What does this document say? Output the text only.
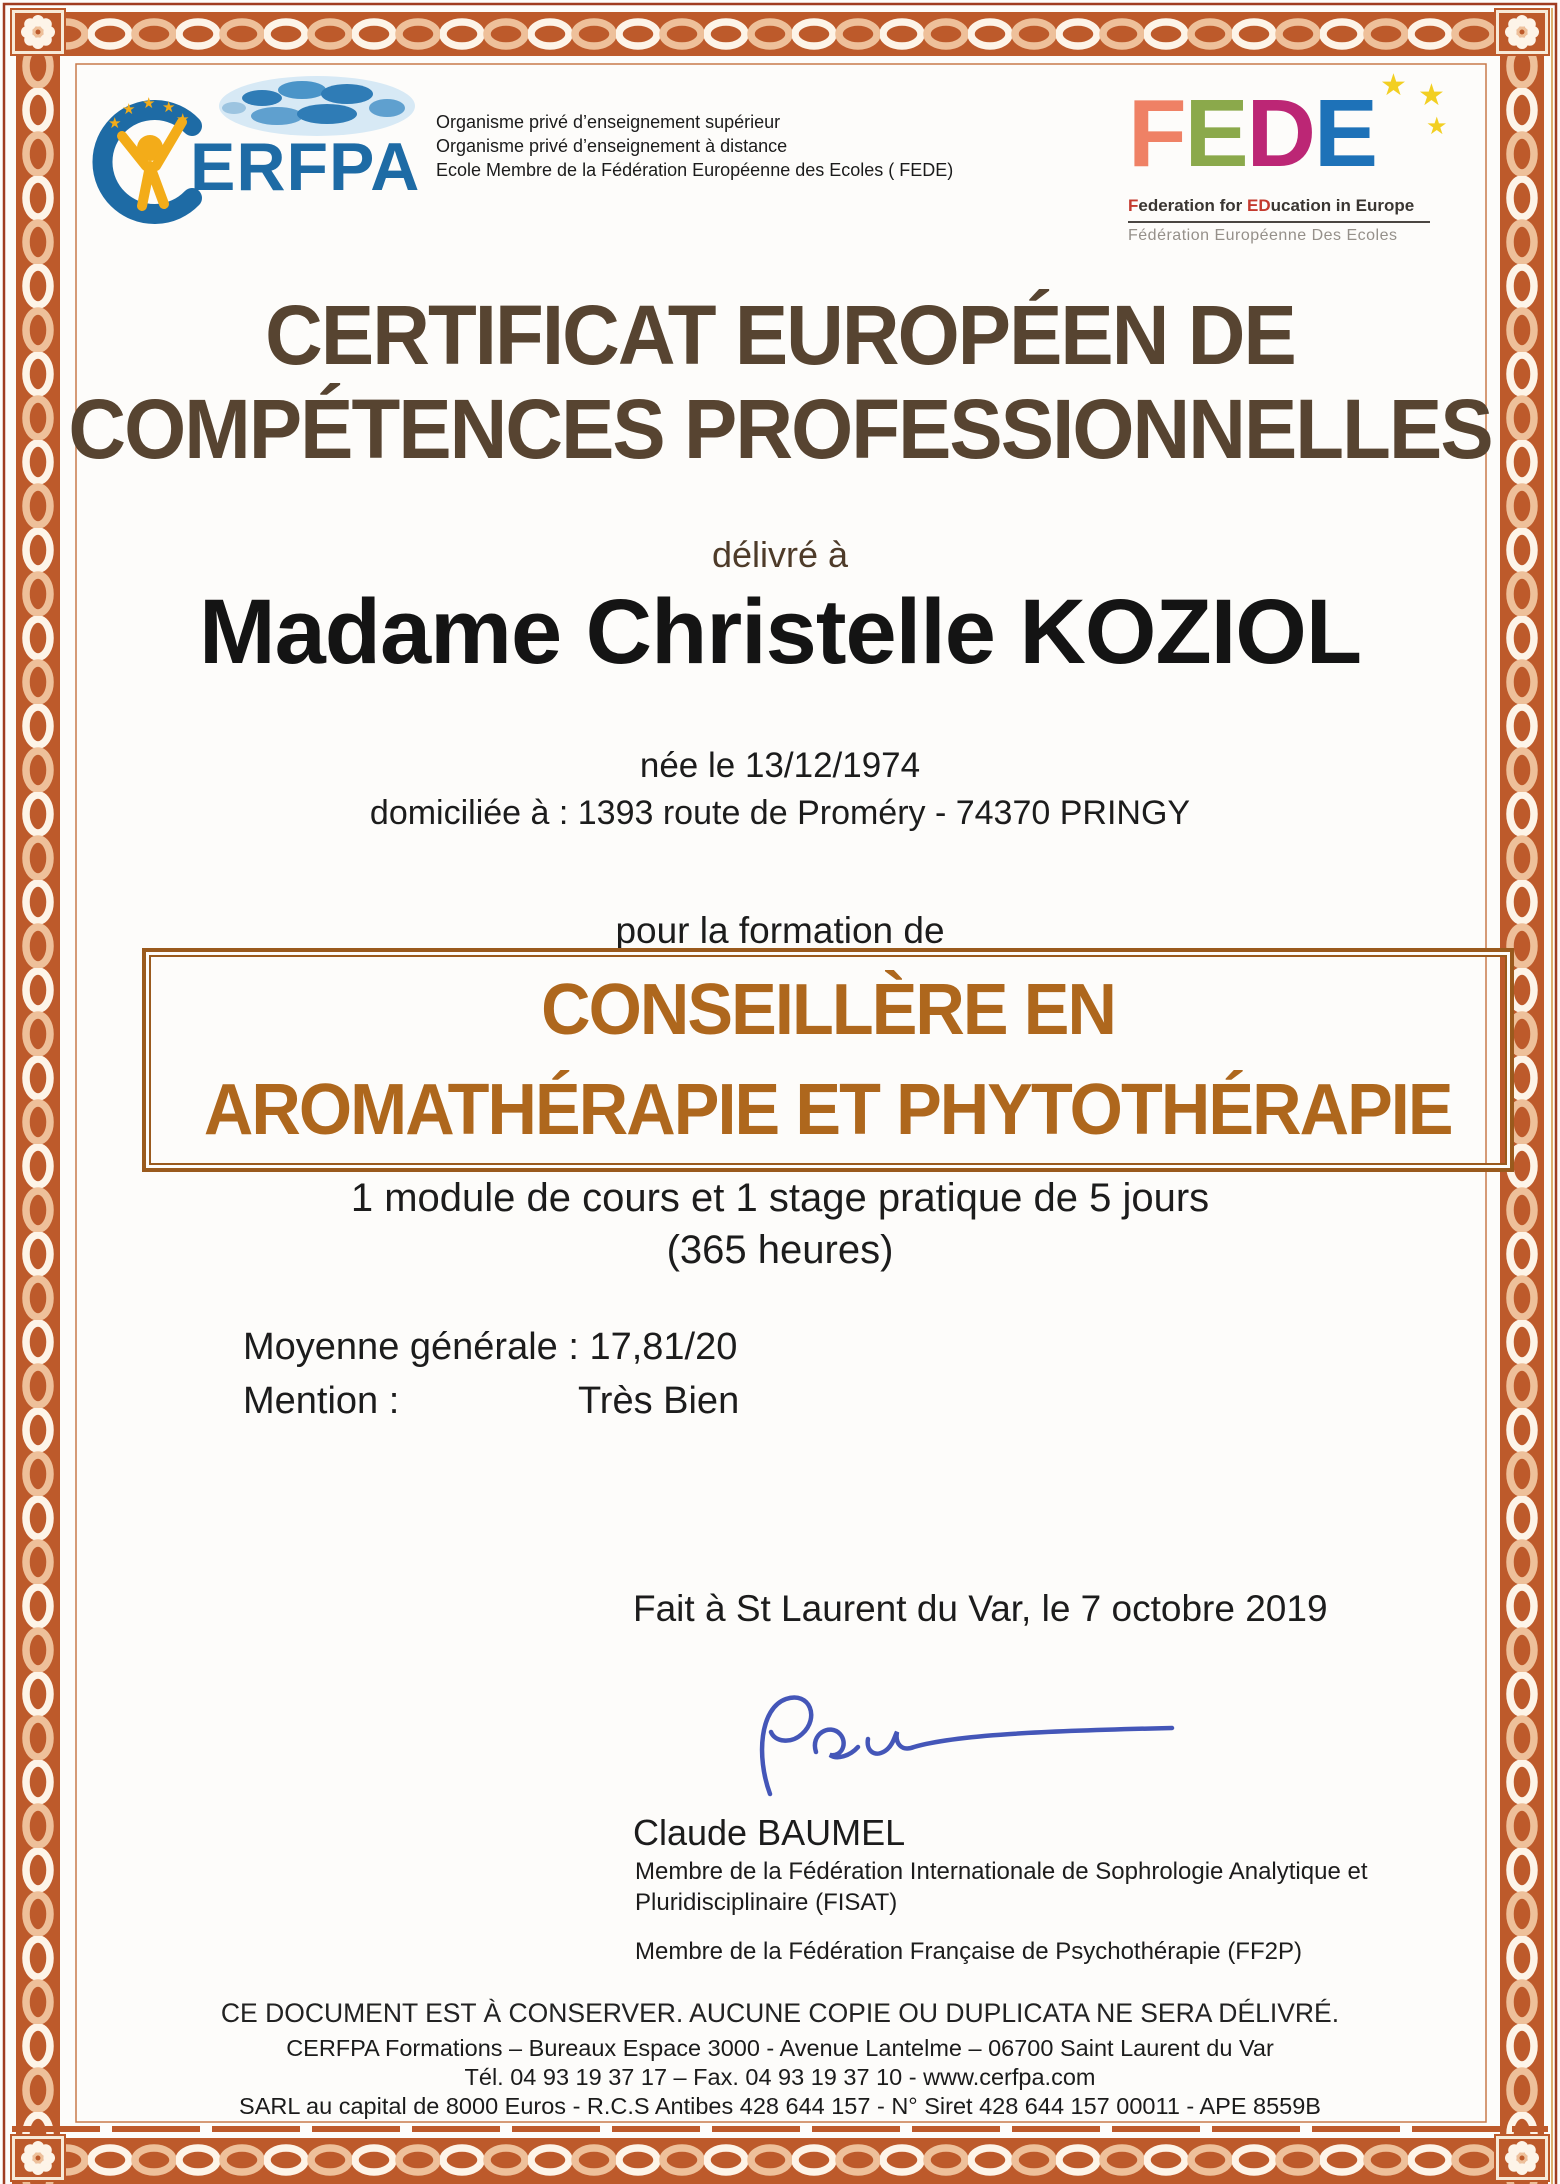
★
★ ★ ★
★
ERFPA
Organisme privé d’enseignement supérieur
Organisme privé d’enseignement à distance
Ecole Membre de la Fédération Européenne des Ecoles ( FEDE) FEDE ★ ★
★
Federation for EDucation in Europe
Fédération Européenne Des Ecoles
CERTIFICAT EUROPÉEN DE
COMPÉTENCES PROFESSIONNELLES
délivré à
Madame Christelle KOZIOL
née le 13/12/1974
domiciliée à : 1393 route de Proméry - 74370 PRINGY
pour la formation de
CONSEILLÈRE EN
AROMATHÉRAPIE ET PHYTOTHÉRAPIE
1 module de cours et 1 stage pratique de 5 jours
(365 heures)
Moyenne générale : 17,81/20
Mention :	Très Bien
Fait à St Laurent du Var, le 7 octobre 2019
Claude BAUMEL
Membre de la Fédération Internationale de Sophrologie Analytique et Pluridisciplinaire (FISAT)
Membre de la Fédération Française de Psychothérapie (FF2P)
CE DOCUMENT EST À CONSERVER. AUCUNE COPIE OU DUPLICATA NE SERA DÉLIVRÉ.
CERFPA Formations – Bureaux Espace 3000 - Avenue Lantelme – 06700 Saint Laurent du Var
Tél. 04 93 19 37 17 – Fax. 04 93 19 37 10 - www.cerfpa.com
SARL au capital de 8000 Euros - R.C.S Antibes 428 644 157 - N° Siret 428 644 157 00011 - APE 8559B
